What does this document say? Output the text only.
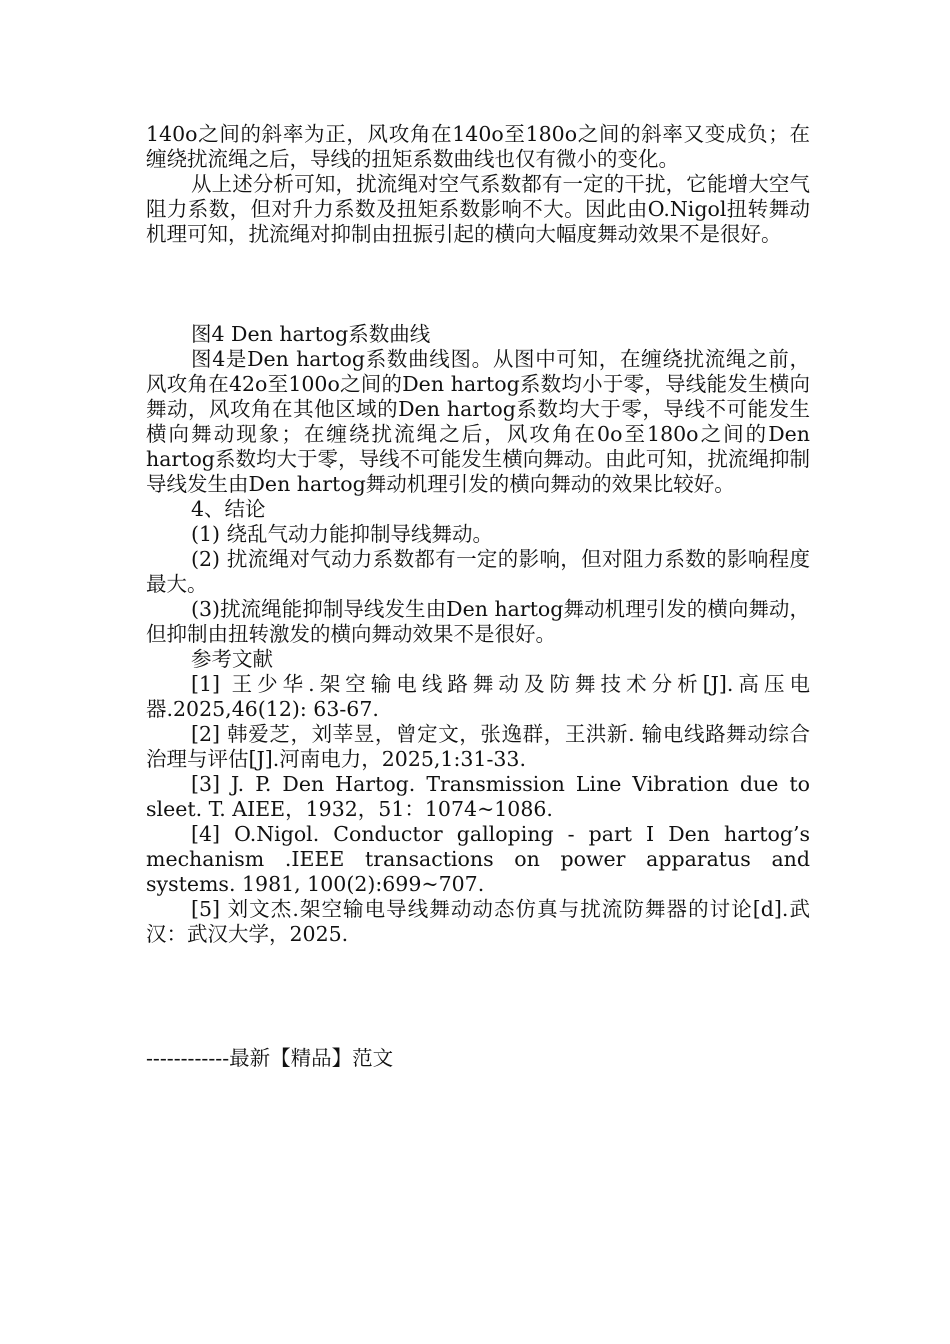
140o之间的斜率为正，风攻角在140o至180o之间的斜率又变成负；在缠绕扰流绳之后，导线的扭矩系数曲线也仅有微小的变化。

从上述分析可知，扰流绳对空气系数都有一定的干扰，它能增大空气阻力系数，但对升力系数及扭矩系数影响不大。因此由O.Nigol扭转舞动机理可知，扰流绳对抑制由扭振引起的横向大幅度舞动效果不是很好。

图4 Den hartog系数曲线

图4是Den hartog系数曲线图。从图中可知，在缠绕扰流绳之前，风攻角在42o至100o之间的Den hartog系数均小于零，导线能发生横向舞动，风攻角在其他区域的Den hartog系数均大于零，导线不可能发生横向舞动现象；在缠绕扰流绳之后，风攻角在0o至180o之间的Den hartog系数均大于零，导线不可能发生横向舞动。由此可知，扰流绳抑制导线发生由Den hartog舞动机理引发的横向舞动的效果比较好。

4、结论

(1) 绕乱气动力能抑制导线舞动。

(2) 扰流绳对气动力系数都有一定的影响，但对阻力系数的影响程度最大。

(3)扰流绳能抑制导线发生由Den hartog舞动机理引发的横向舞动，但抑制由扭转激发的横向舞动效果不是很好。

参考文献

[1] 王少华.架空输电线路舞动及防舞技术分析[J].高压电器.2025,46(12): 63-67.

[2] 韩爱芝，刘莘昱，曾定文，张逸群，王洪新. 输电线路舞动综合治理与评估[J].河南电力，2025,1:31-33.

[3] J. P. Den Hartog. Transmission Line Vibration due to sleet. T. AIEE，1932，51：1074~1086.

[4] O.Nigol. Conductor galloping - part I Den hartog’s mechanism .IEEE transactions on power apparatus and systems. 1981, 100(2):699~707.

[5] 刘文杰.架空输电导线舞动动态仿真与扰流防舞器的讨论[d].武汉：武汉大学，2025.

------------最新【精品】范文
